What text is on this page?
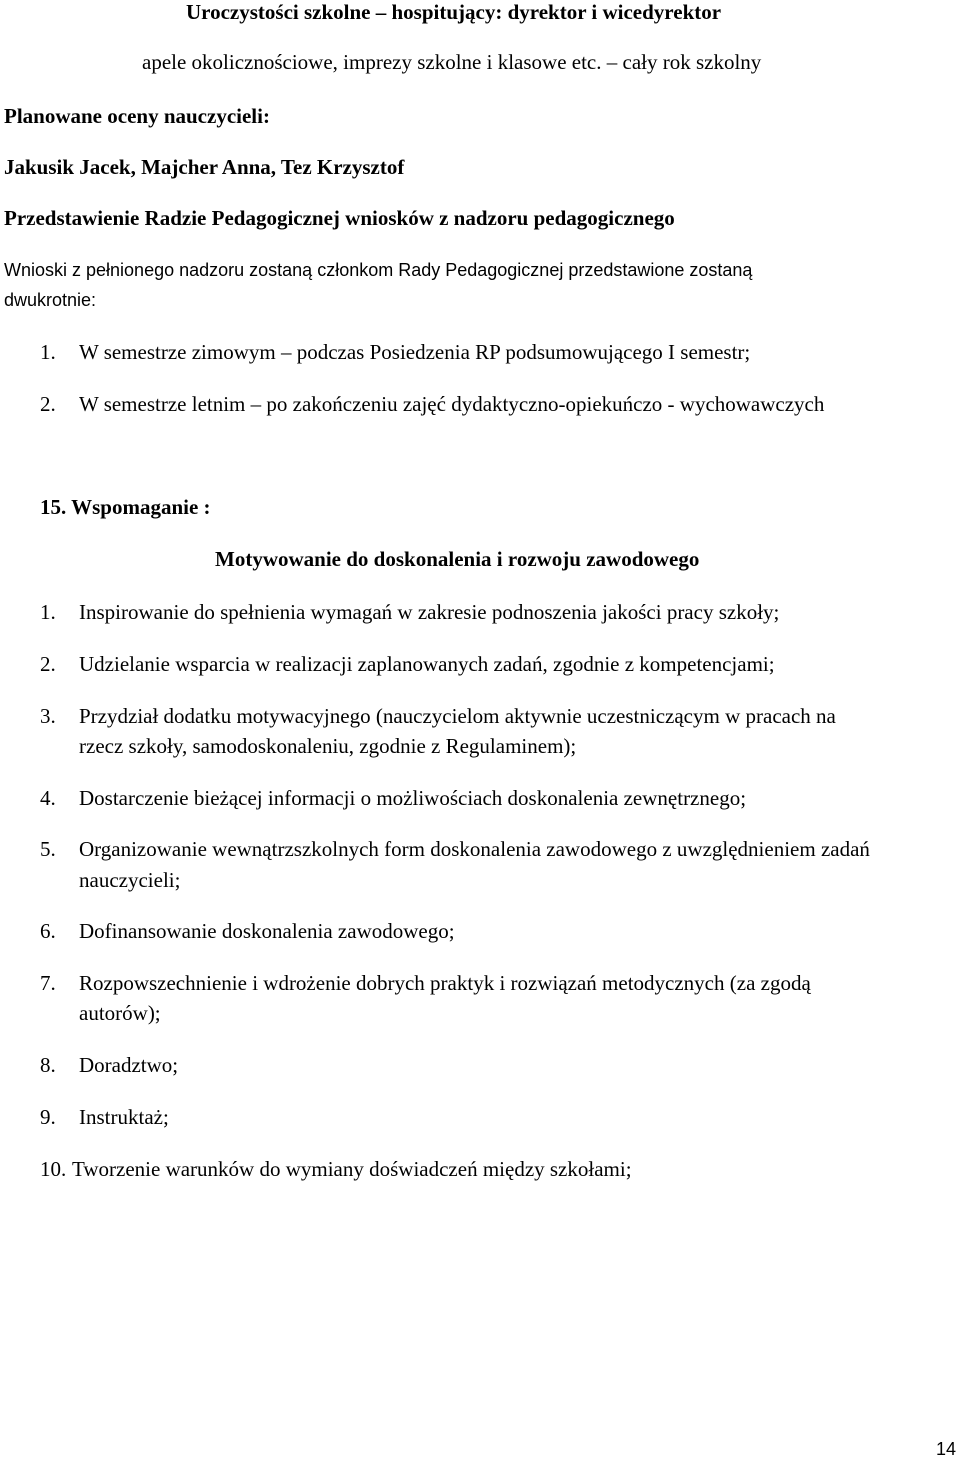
Uroczystości szkolne – hospitujący: dyrektor i wicedyrektor
apele okolicznościowe, imprezy szkolne i klasowe etc. – cały rok szkolny
Planowane oceny nauczycieli:
Jakusik Jacek, Majcher Anna, Tez Krzysztof
Przedstawienie Radzie Pedagogicznej wniosków z nadzoru pedagogicznego
Wnioski z pełnionego nadzoru zostaną członkom Rady Pedagogicznej przedstawione zostaną
dwukrotnie:
1. W semestrze zimowym – podczas Posiedzenia RP podsumowującego I semestr;
2. W semestrze letnim – po zakończeniu zajęć dydaktyczno-opiekuńczo - wychowawczych
15. Wspomaganie :
Motywowanie do doskonalenia i rozwoju zawodowego
1. Inspirowanie do spełnienia wymagań w zakresie podnoszenia jakości pracy szkoły;
2. Udzielanie wsparcia w realizacji zaplanowanych zadań, zgodnie z kompetencjami;
3. Przydział dodatku motywacyjnego (nauczycielom aktywnie uczestniczącym w pracach na
rzecz szkoły, samodoskonaleniu, zgodnie z Regulaminem);
4. Dostarczenie bieżącej informacji o możliwościach doskonalenia zewnętrznego;
5. Organizowanie wewnątrzszkolnych form doskonalenia zawodowego z uwzględnieniem zadań
nauczycieli;
6. Dofinansowanie doskonalenia zawodowego;
7. Rozpowszechnienie i wdrożenie dobrych praktyk i rozwiązań metodycznych (za zgodą
autorów);
8. Doradztwo;
9. Instruktaż;
10. Tworzenie warunków do wymiany doświadczeń między szkołami;
14
